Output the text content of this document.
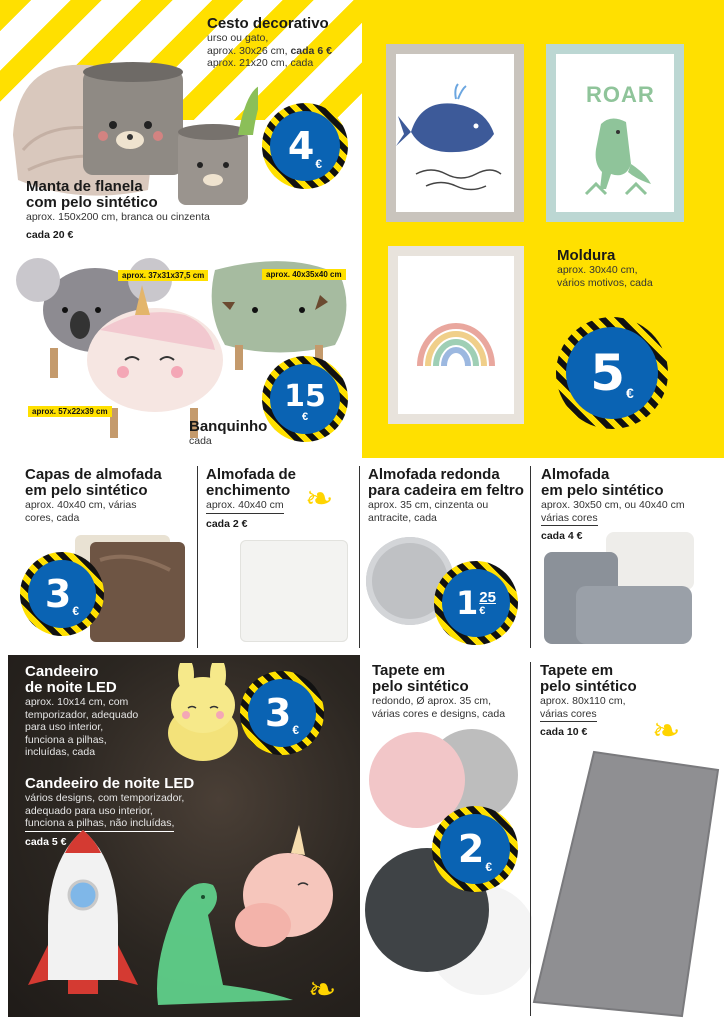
Cesto decorativo
urso ou gato,
aprox. 30x26 cm, cada 6 €
aprox. 21x20 cm, cada
4 €
Manta de flanela
com pelo sintético
aprox. 150x200 cm, branca ou cinzenta
cada 20 €
ROAR
Moldura
aprox. 30x40 cm,
vários motivos, cada
5 €
aprox. 37x31x37,5 cm	aprox. 40x35x40 cm
aprox. 57x22x39 cm	15
€
Banquinho
cada
Capas de almofada
em pelo sintético
aprox. 40x40 cm, várias
cores, cada
3 €
Almofada de
enchimento
aprox. 40x40 cm
cada 2 €
❧
Almofada redonda
para cadeira em feltro
aprox. 35 cm, cinzenta ou
antracite, cada
1 25
€
Almofada
em pelo sintético
aprox. 30x50 cm, ou 40x40 cm
várias cores
cada 4 €
3 €
Candeeiro
de noite LED
aprox. 10x14 cm, com
temporizador, adequado
para uso interior,
funciona a pilhas,
incluídas, cada
Candeeiro de noite LED
vários designs, com temporizador,
adequado para uso interior,
funciona a pilhas, não incluídas,
cada 5 €
❧
Tapete em
pelo sintético
redondo, Ø aprox. 35 cm,
várias cores e designs, cada
2 €
Tapete em
pelo sintético
aprox. 80x110 cm,
várias cores
cada 10 €	❧
